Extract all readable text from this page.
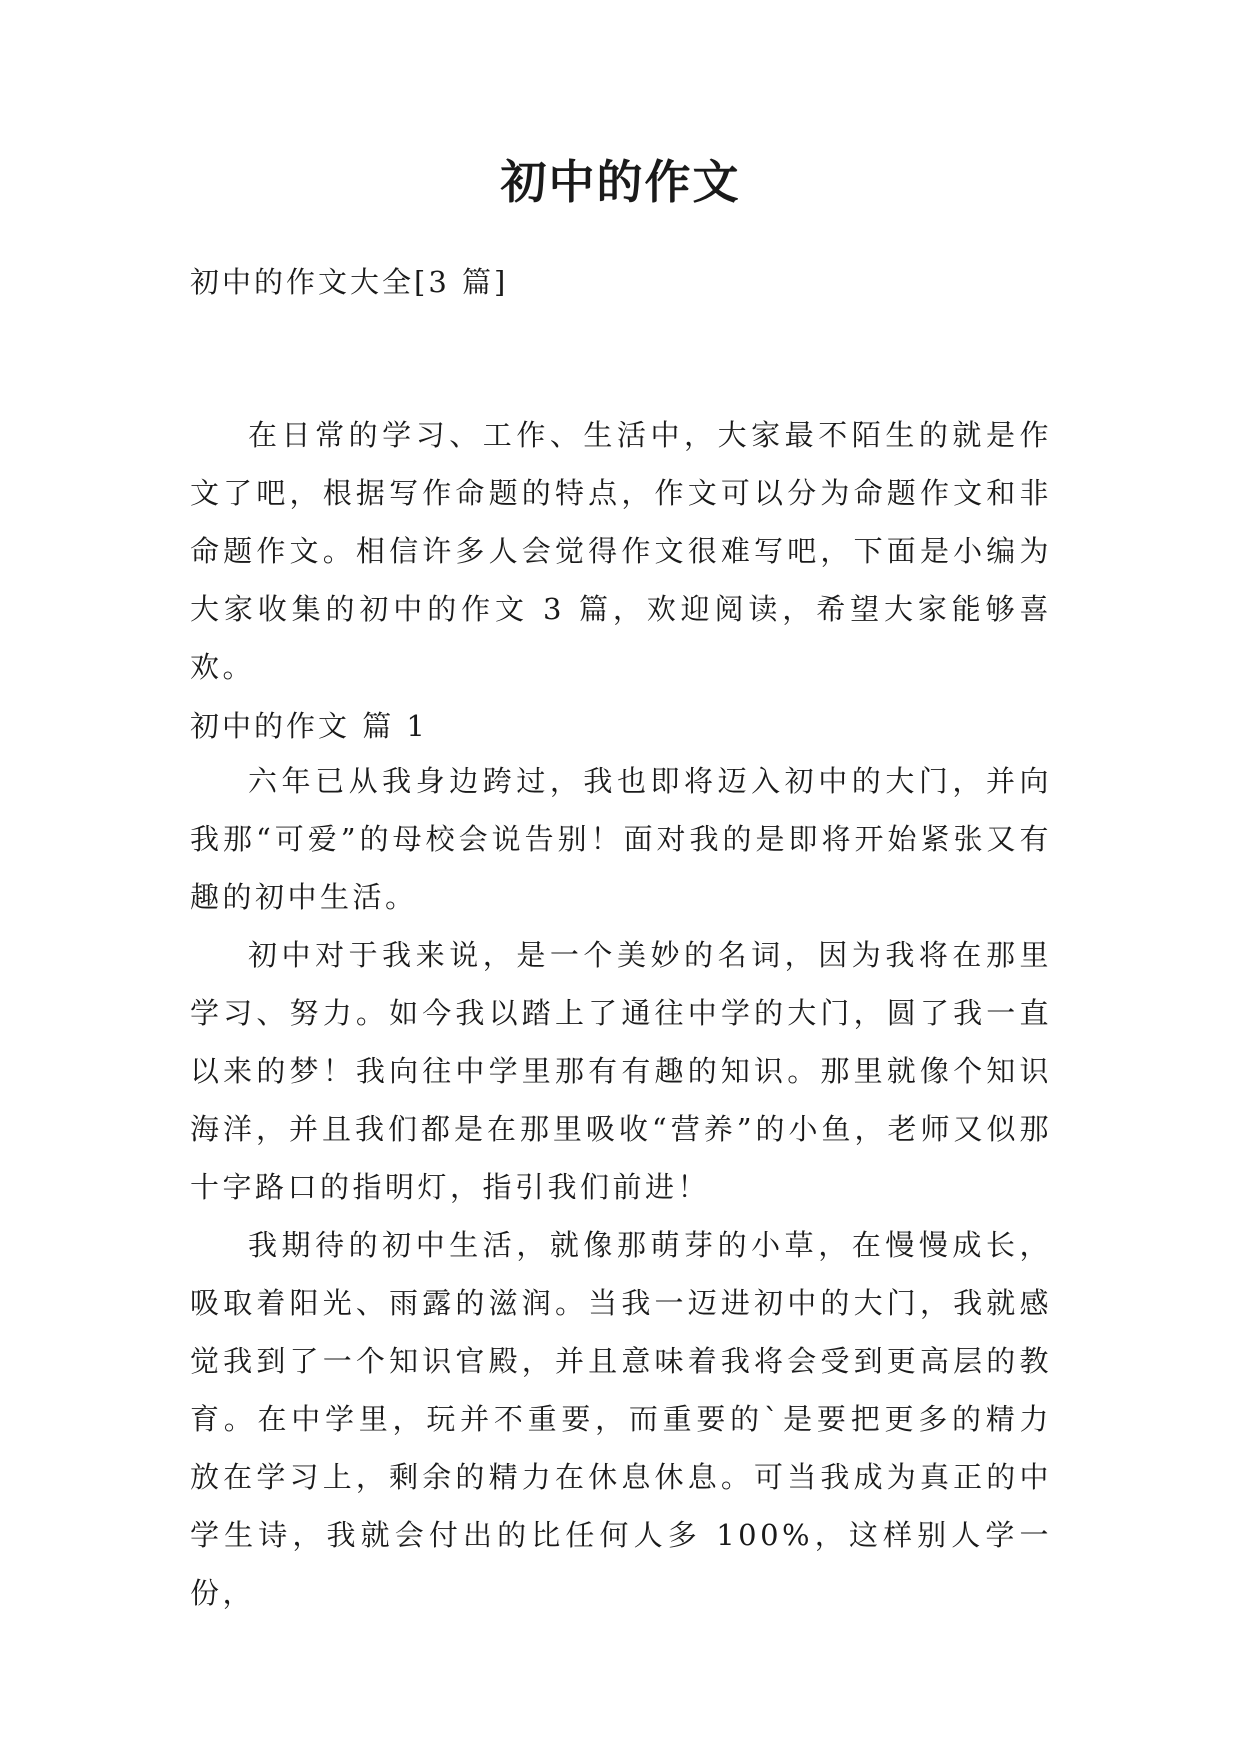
初中的作文
初中的作文大全[3 篇]

在日常的学习、工作、生活中，大家最不陌生的就是作文了吧，根据写作命题的特点，作文可以分为命题作文和非命题作文。相信许多人会觉得作文很难写吧，下面是小编为大家收集的初中的作文 3 篇，欢迎阅读，希望大家能够喜欢。

初中的作文 篇 1

六年已从我身边跨过，我也即将迈入初中的大门，并向我那“可爱”的母校会说告别！面对我的是即将开始紧张又有趣的初中生活。

初中对于我来说，是一个美妙的名词，因为我将在那里学习、努力。如今我以踏上了通往中学的大门，圆了我一直以来的梦！我向往中学里那有有趣的知识。那里就像个知识海洋，并且我们都是在那里吸收“营养”的小鱼，老师又似那十字路口的指明灯，指引我们前进！

我期待的初中生活，就像那萌芽的小草，在慢慢成长，吸取着阳光、雨露的滋润。当我一迈进初中的大门，我就感觉我到了一个知识官殿，并且意味着我将会受到更高层的教育。在中学里，玩并不重要，而重要的`是要把更多的精力放在学习上，剩余的精力在休息休息。可当我成为真正的中学生诗，我就会付出的比任何人多 100%，这样别人学一份，
